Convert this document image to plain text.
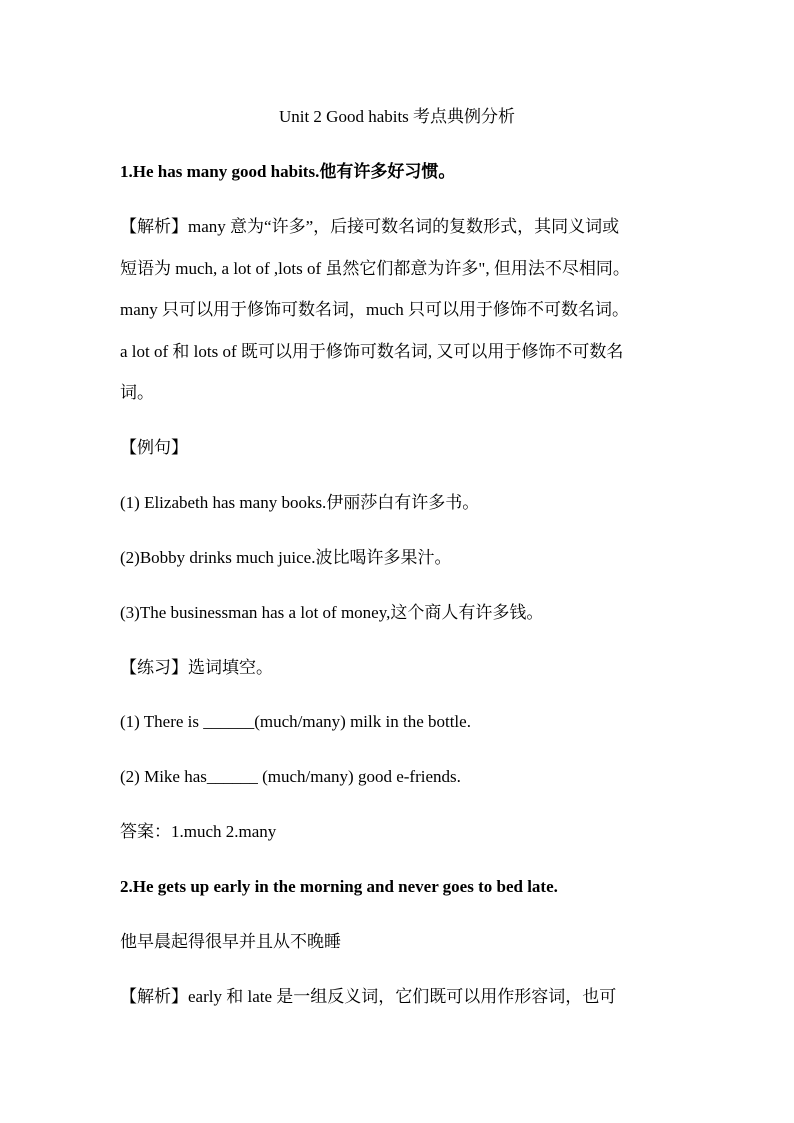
Unit 2 Good habits 考点典例分析
1.He has many good habits.他有许多好习惯。
【解析】many 意为“许多”，后接可数名词的复数形式，其同义词或
短语为 much, a lot of ,lots of 虽然它们都意为许多", 但用法不尽相同。
many 只可以用于修饰可数名词，much 只可以用于修饰不可数名词。
a lot of 和 lots of 既可以用于修饰可数名词, 又可以用于修饰不可数名
词。
【例句】
(1) Elizabeth has many books.伊丽莎白有许多书。
(2)Bobby drinks much juice.波比喝许多果汁。
(3)The businessman has a lot of money,这个商人有许多钱。
【练习】选词填空。
(1) There is ______(much/many) milk in the bottle.
(2) Mike has______ (much/many) good e-friends.
答案：1.much 2.many
2.He gets up early in the morning and never goes to bed late.
他早晨起得很早并且从不晚睡
【解析】early 和 late 是一组反义词，它们既可以用作形容词，也可
